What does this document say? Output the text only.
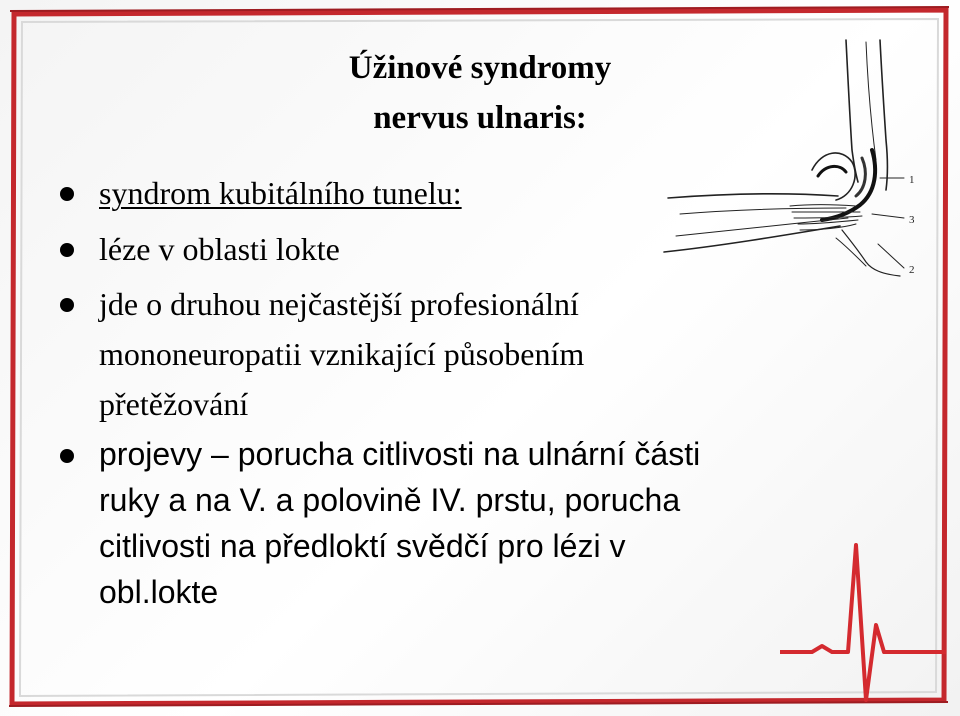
1
3
2
Úžinové syndromy
nervus ulnaris:
syndrom kubitálního tunelu:
léze v oblasti lokte
jde o druhou nejčastější profesionální
mononeuropatii vznikající působením
přetěžování
projevy – porucha citlivosti na ulnární části
ruky a na V. a polovině IV. prstu, porucha
citlivosti na předloktí svědčí pro lézi v
obl.lokte
